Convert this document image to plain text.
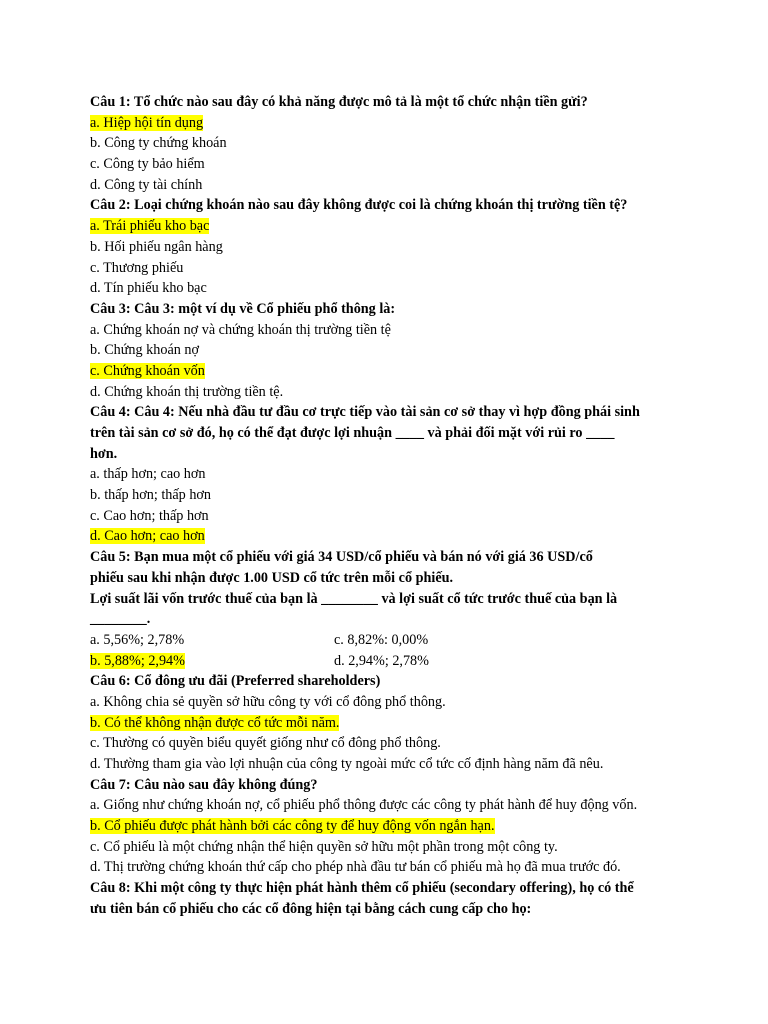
Câu 1: Tổ chức nào sau đây có khả năng được mô tả là một tổ chức nhận tiền gửi?
a. Hiệp hội tín dụng
b. Công ty chứng khoán
c. Công ty bảo hiểm
d. Công ty tài chính
Câu 2: Loại chứng khoán nào sau đây không được coi là chứng khoán thị trường tiền tệ?
a. Trái phiếu kho bạc
b. Hối phiếu ngân hàng
c. Thương phiếu
d. Tín phiếu kho bạc
Câu 3: Câu 3: một ví dụ về Cổ phiếu phổ thông là:
a. Chứng khoán nợ và chứng khoán thị trường tiền tệ
b. Chứng khoán nợ
c. Chứng khoán vốn
d. Chứng khoán thị trường tiền tệ.
Câu 4: Câu 4: Nếu nhà đầu tư đầu cơ trực tiếp vào tài sản cơ sở thay vì hợp đồng phái sinh
trên tài sản cơ sở đó, họ có thể đạt được lợi nhuận ____ và phải đối mặt với rủi ro ____
hơn.
a. thấp hơn; cao hơn
b. thấp hơn; thấp hơn
c. Cao hơn; thấp hơn
d. Cao hơn; cao hơn
Câu 5: Bạn mua một cổ phiếu với giá 34 USD/cổ phiếu và bán nó với giá 36 USD/cổ
phiếu sau khi nhận được 1.00 USD cổ tức trên mỗi cổ phiếu.
Lợi suất lãi vốn trước thuế của bạn là ________ và lợi suất cổ tức trước thuế của bạn là
________.
a. 5,56%; 2,78%	c. 8,82%: 0,00%
b. 5,88%; 2,94%	d. 2,94%; 2,78%
Câu 6: Cổ đông ưu đãi (Preferred shareholders)
a. Không chia sẻ quyền sở hữu công ty với cổ đông phổ thông.
b. Có thể không nhận được cổ tức mỗi năm.
c. Thường có quyền biểu quyết giống như cổ đông phổ thông.
d. Thường tham gia vào lợi nhuận của công ty ngoài mức cổ tức cố định hàng năm đã nêu.
Câu 7: Câu nào sau đây không đúng?
a. Giống như chứng khoán nợ, cổ phiếu phổ thông được các công ty phát hành để huy động vốn.
b. Cổ phiếu được phát hành bởi các công ty để huy động vốn ngắn hạn.
c. Cổ phiếu là một chứng nhận thể hiện quyền sở hữu một phần trong một công ty.
d. Thị trường chứng khoán thứ cấp cho phép nhà đầu tư bán cổ phiếu mà họ đã mua trước đó.
Câu 8: Khi một công ty thực hiện phát hành thêm cổ phiếu (secondary offering), họ có thể
ưu tiên bán cổ phiếu cho các cổ đông hiện tại bằng cách cung cấp cho họ:
